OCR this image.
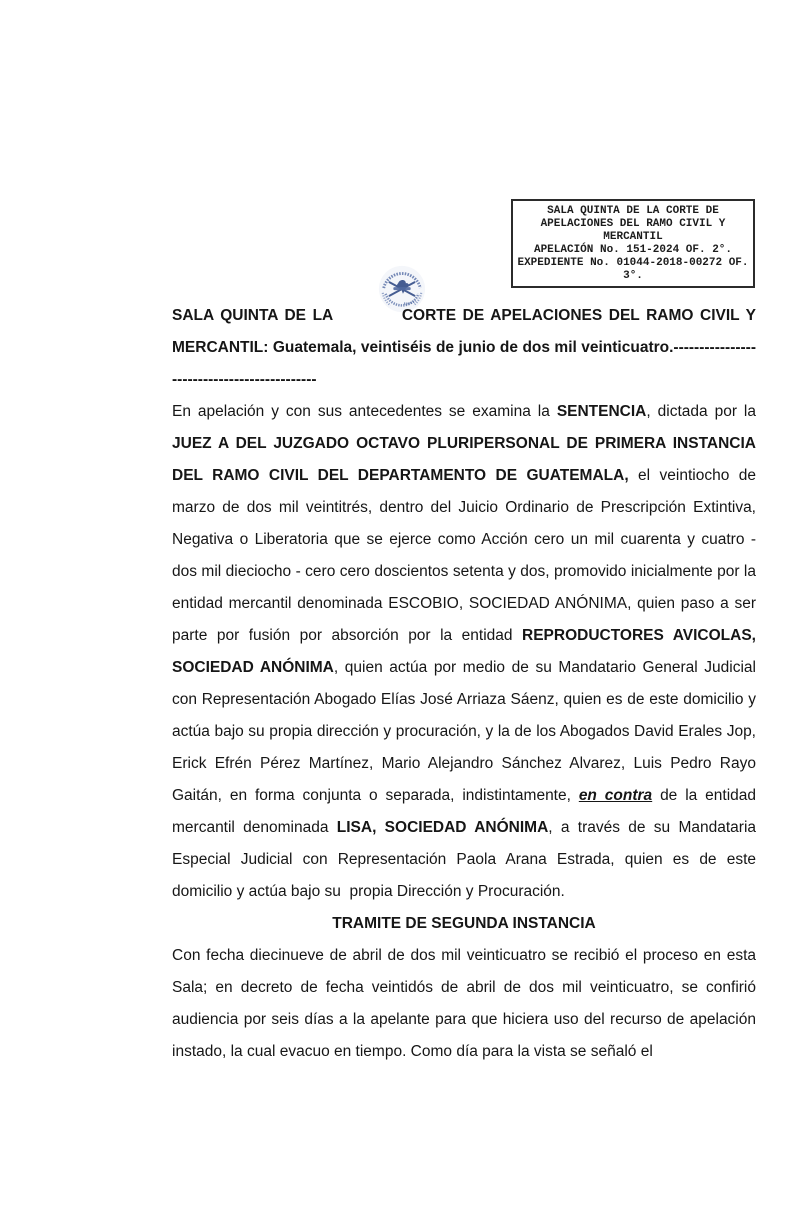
SALA QUINTA DE LA CORTE DE APELACIONES DEL RAMO CIVIL Y MERCANTIL
APELACIÓN No. 151-2024 OF. 2°.
EXPEDIENTE No. 01044-2018-00272 OF. 3°.

SALA QUINTA DE LA	CORTE DE APELACIONES DEL RAMO CIVIL Y MERCANTIL: Guatemala, veintiséis de junio de dos mil veinticuatro.--------------------------------------------

En apelación y con sus antecedentes se examina la SENTENCIA, dictada por la JUEZ A DEL JUZGADO OCTAVO PLURIPERSONAL DE PRIMERA INSTANCIA DEL RAMO CIVIL DEL DEPARTAMENTO DE GUATEMALA, el veintiocho de marzo de dos mil veintitrés, dentro del Juicio Ordinario de Prescripción Extintiva, Negativa o Liberatoria que se ejerce como Acción cero un mil cuarenta y cuatro - dos mil dieciocho - cero cero doscientos setenta y dos, promovido inicialmente por la entidad mercantil denominada ESCOBIO, SOCIEDAD ANÓNIMA, quien paso a ser parte por fusión por absorción por la entidad REPRODUCTORES AVICOLAS, SOCIEDAD ANÓNIMA, quien actúa por medio de su Mandatario General Judicial con Representación Abogado Elías José Arriaza Sáenz, quien es de este domicilio y actúa bajo su propia dirección y procuración, y la de los Abogados David Erales Jop, Erick Efrén Pérez Martínez, Mario Alejandro Sánchez Alvarez, Luis Pedro Rayo Gaitán, en forma conjunta o separada, indistintamente, en contra de la entidad mercantil denominada LISA, SOCIEDAD ANÓNIMA, a través de su Mandataria Especial Judicial con Representación Paola Arana Estrada, quien es de este domicilio y actúa bajo su  propia Dirección y Procuración.

TRAMITE DE SEGUNDA INSTANCIA

Con fecha diecinueve de abril de dos mil veinticuatro se recibió el proceso en esta Sala; en decreto de fecha veintidós de abril de dos mil veinticuatro, se confirió audiencia por seis días a la apelante para que hiciera uso del recurso de apelación instado, la cual evacuo en tiempo. Como día para la vista se señaló el
